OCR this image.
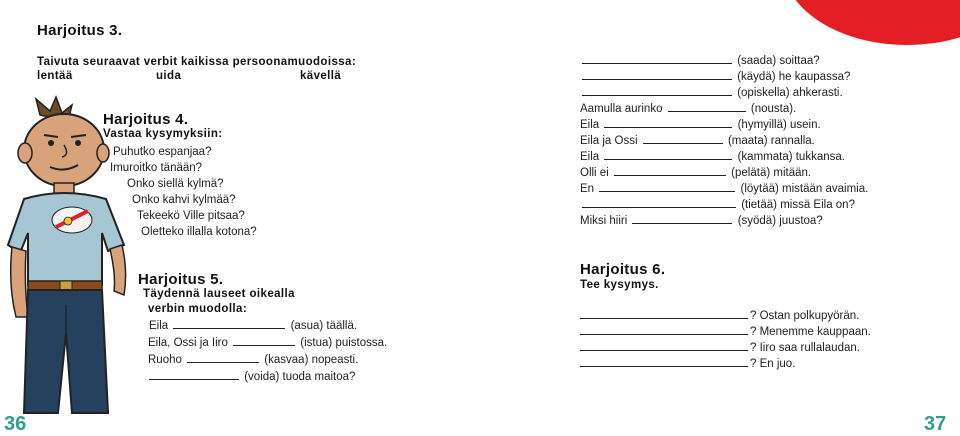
Harjoitus 3.
Taivuta seuraavat verbit kaikissa persoonamuodoissa:
lentää	uida	kävellä
Harjoitus 4.
Vastaa kysymyksiin:
Puhutko espanjaa?
Imuroitko tänään?
Onko siellä kylmä?
Onko kahvi kylmää?
Tekeekö Ville pitsaa?
Oletteko illalla kotona?
Harjoitus 5.
Täydennä lauseet oikealla
verbin muodolla:
Eila	(asua) täällä.
Eila, Ossi ja Iiro	(istua) puistossa.
Ruoho	(kasvaa) nopeasti.
(voida) tuoda maitoa?
36
(saada) soittaa?
(käydä) he kaupassa?
(opiskella) ahkerasti.
Aamulla aurinko	(nousta).
Eila	(hymyillä) usein.
Eila ja Ossi	(maata) rannalla.
Eila	(kammata) tukkansa.
Olli ei	(pelätä) mitään.
En	(löytää) mistään avaimia.
(tietää) missä Eila on?
Miksi hiiri	(syödä) juustoa?
Harjoitus 6.
Tee kysymys.
? Ostan polkupyörän.
? Menemme kauppaan.
? Iiro saa rullalaudan.
? En juo.
37
